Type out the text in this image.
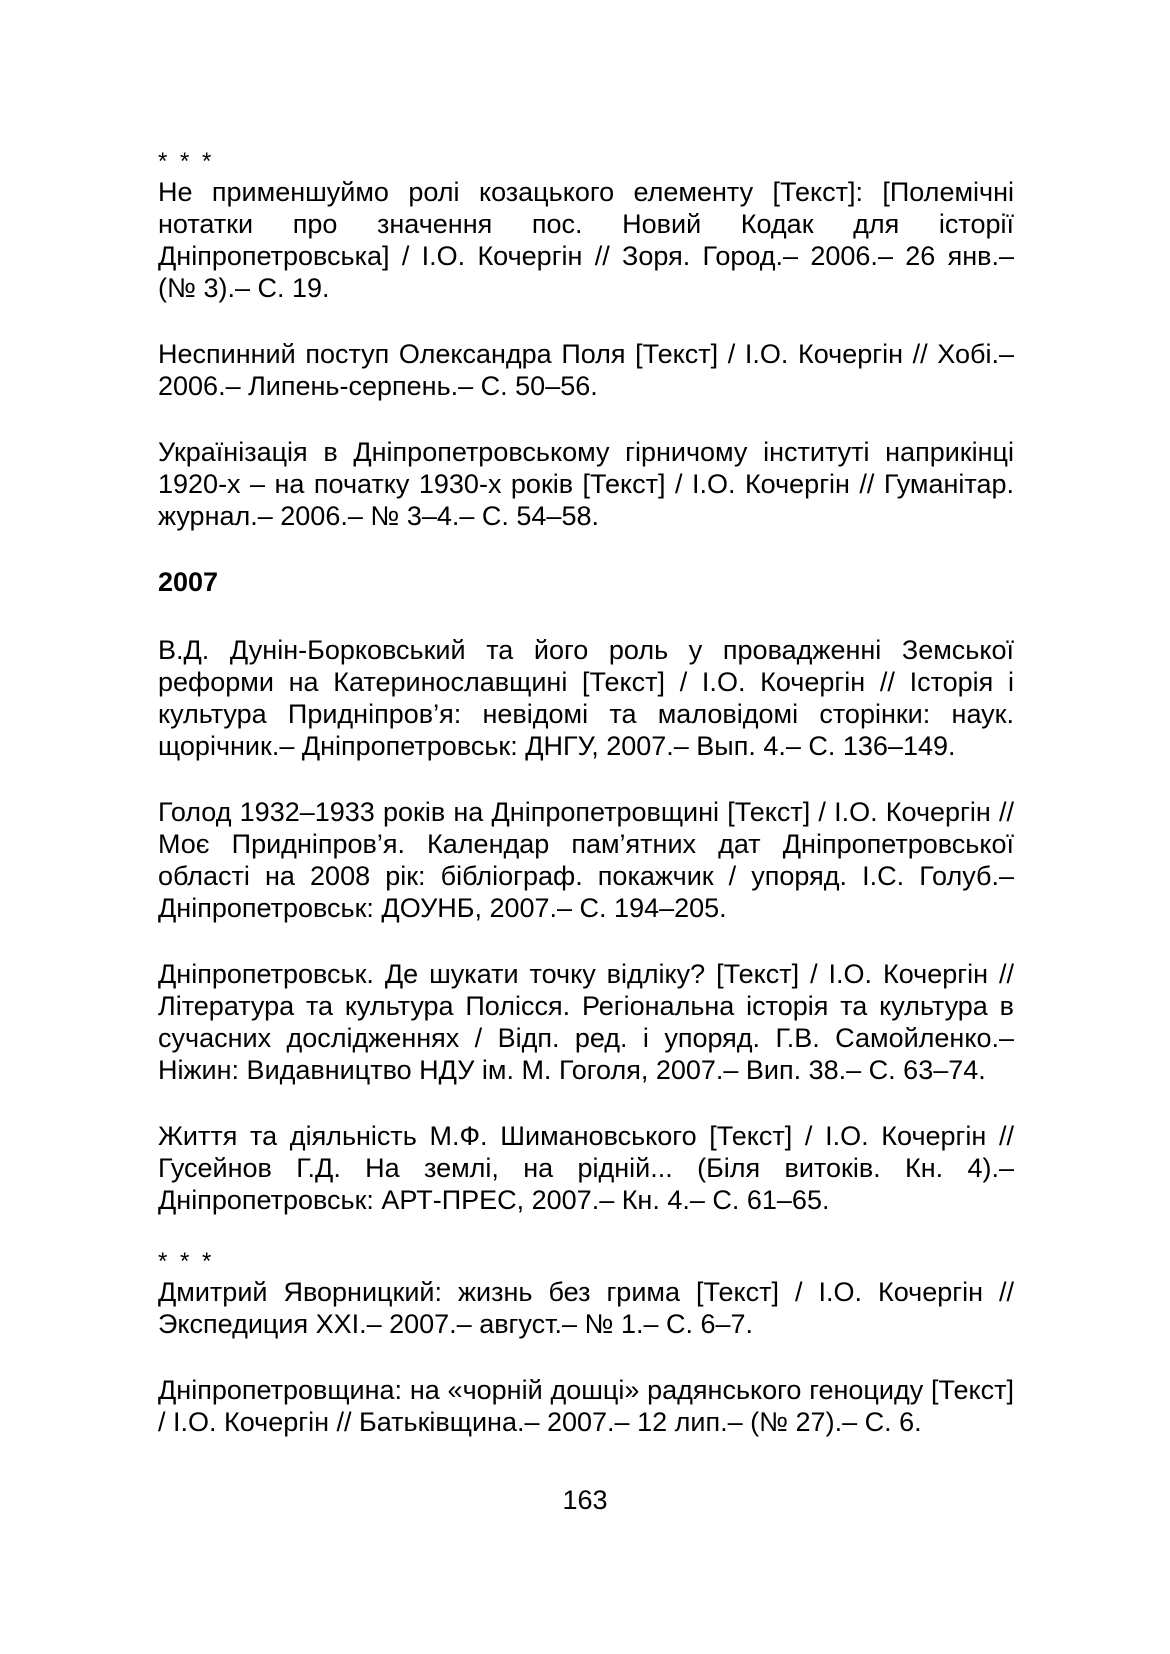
* * *

Не применшуймо ролі козацького елементу [Текст]: [Полемічні нотатки про значення пос. Новий Кодак для історії Дніпропетровська] / І.О. Кочергін // Зоря. Город.– 2006.– 26 янв.– (№ 3).– С. 19.

Неспинний поступ Олександра Поля [Текст] / І.О. Кочергін // Хобі.– 2006.– Липень-серпень.– С. 50–56.

Українізація в Дніпропетровському гірничому інституті наприкінці 1920-х – на початку 1930-х років [Текст] / І.О. Кочергін // Гуманітар. журнал.– 2006.– № 3–4.– С. 54–58.

2007

В.Д. Дунін-Борковський та його роль у провадженні Земської реформи на Катеринославщині [Текст] / І.О. Кочергін // Історія і культура Придніпров’я: невідомі та маловідомі сторінки: наук. щорічник.– Дніпропетровськ: ДНГУ, 2007.– Вып. 4.– С. 136–149.

Голод 1932–1933 років на Дніпропетровщині [Текст] / І.О. Кочергін // Моє Придніпров’я. Календар пам’ятних дат Дніпропетровської області на 2008 рік: бібліограф. покажчик / упоряд. І.С. Голуб.– Дніпропетровськ: ДОУНБ, 2007.– С. 194–205.

Дніпропетровськ. Де шукати точку відліку? [Текст] / І.О. Кочергін // Література та культура Полісся. Регіональна історія та культура в сучасних дослідженнях / Відп. ред. і упоряд. Г.В. Самойленко.– Ніжин: Видавництво НДУ ім. М. Гоголя, 2007.– Вип. 38.– С. 63–74.

Життя та діяльність М.Ф. Шимановського [Текст] / І.О. Кочергін // Гусейнов Г.Д. На землі, на рідній... (Біля витоків. Кн. 4).– Дніпропетровськ: АРТ-ПРЕС, 2007.– Кн. 4.– С. 61–65.

* * *

Дмитрий Яворницкий: жизнь без грима [Текст] / І.О. Кочергін // Экспедиция XXI.– 2007.– август.– № 1.– С. 6–7.

Дніпропетровщина: на «чорній дошці» радянського геноциду [Текст] / І.О. Кочергін // Батьківщина.– 2007.– 12 лип.– (№ 27).– С. 6.

163
